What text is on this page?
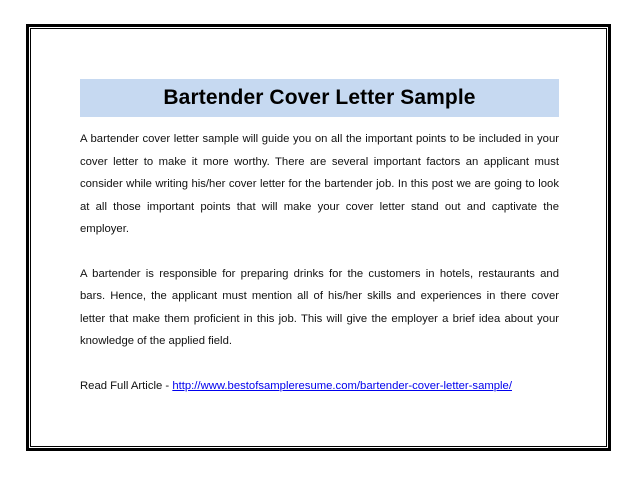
Bartender Cover Letter Sample

A bartender cover letter sample will guide you on all the important points to be included in your cover letter to make it more worthy. There are several important factors an applicant must consider while writing his/her cover letter for the bartender job. In this post we are going to look at all those important points that will make your cover letter stand out and captivate the employer.

A bartender is responsible for preparing drinks for the customers in hotels, restaurants and bars. Hence, the applicant must mention all of his/her skills and experiences in there cover letter that make them proficient in this job. This will give the employer a brief idea about your knowledge of the applied field.

Read Full Article - http://www.bestofsampleresume.com/bartender-cover-letter-sample/
